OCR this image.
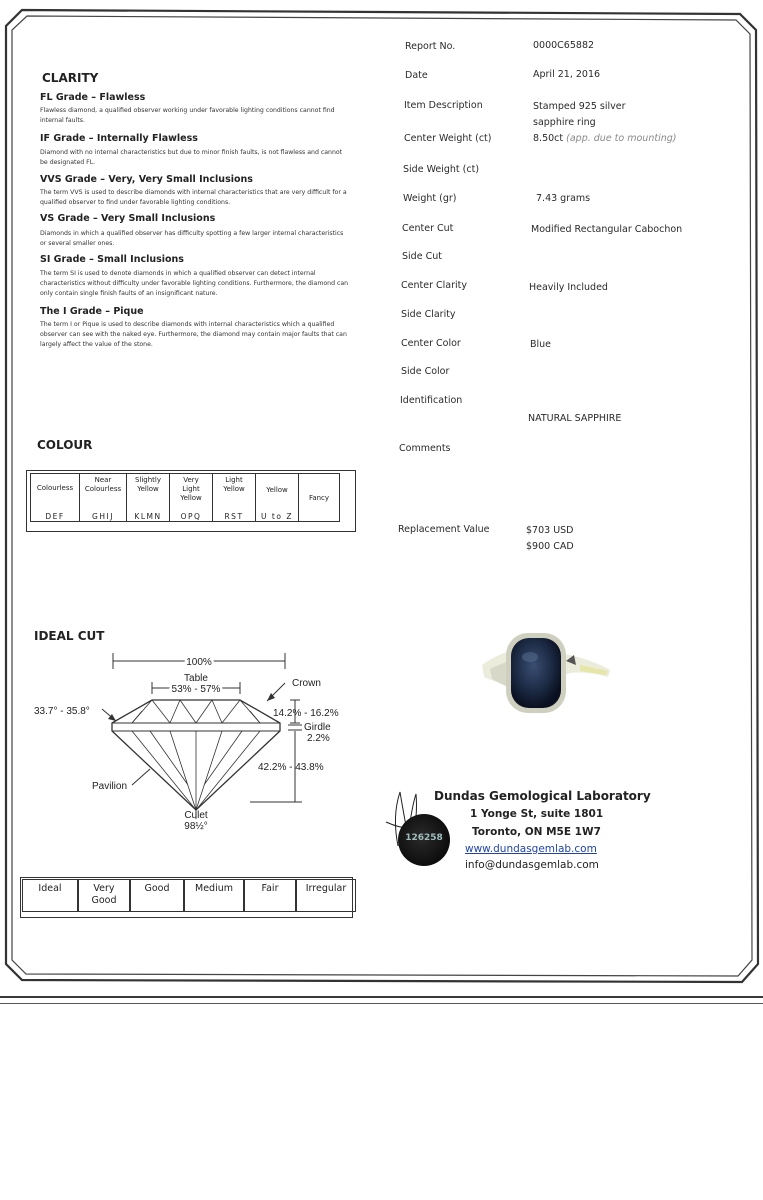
CLARITY
FL Grade – Flawless
Flawless diamond, a qualified observer working under favorable lighting conditions cannot find internal faults.
IF Grade – Internally Flawless
Diamond with no internal characteristics but due to minor finish faults, is not flawless and cannot be designated FL.
VVS Grade – Very, Very Small Inclusions
The term VVS is used to describe diamonds with internal characteristics that are very difficult for a qualified observer to find under favorable lighting conditions.
VS Grade – Very Small Inclusions
Diamonds in which a qualified observer has difficulty spotting a few larger internal characteristics or several smaller ones.
SI Grade – Small Inclusions
The term SI is used to denote diamonds in which a qualified observer can detect internal characteristics without difficulty under favorable lighting conditions. Furthermore, the diamond can only contain single finish faults of an insignificant nature.
The I Grade – Pique
The term I or Pique is used to describe diamonds with internal characteristics which a qualified observer can see with the naked eye. Furthermore, the diamond may contain major faults that can largely affect the value of the stone.
COLOUR
Colourless
DEF

Near Colourless
GHIJ

Slightly Yellow
KLMN

Very Light Yellow
OPQ

Light Yellow
RST

Yellow
U to Z
	Fancy
IDEAL CUT
100%
Table
53% - 57%
Crown
33.7° - 35.8°	14.2% - 16.2%
Girdle
2.2%
42.2% - 43.8%
Pavilion
Culet
98½°
Ideal	Very Good	Good	Medium	Fair	Irregular
Report No.	0000C65882
Date	April 21, 2016
Item Description	Stamped 925 silver sapphire ring
Center Weight (ct)	8.50ct (app. due to mounting)
Side Weight (ct)
Weight (gr)	7.43 grams
Center Cut	Modified Rectangular Cabochon
Side Cut
Center Clarity	Heavily Included
Side Clarity
Center Color	Blue
Side Color
Identification
NATURAL SAPPHIRE
Comments
Replacement Value	$703 USD
$900 CAD
126258
Dundas Gemological Laboratory
1 Yonge St, suite 1801
Toronto, ON M5E 1W7
www.dundasgemlab.com
info@dundasgemlab.com
